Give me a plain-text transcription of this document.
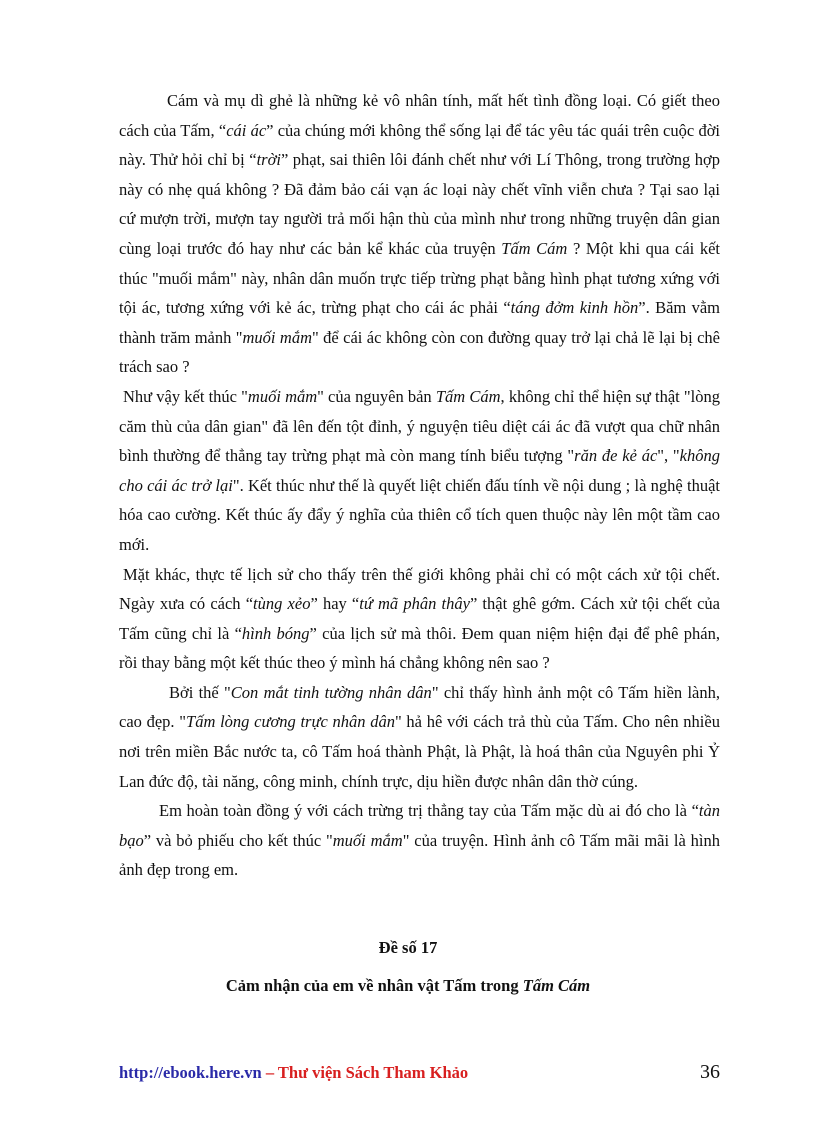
Cám và mụ dì ghẻ là những kẻ vô nhân tính, mất hết tình đồng loại. Có giết theo cách của Tấm, “cái ác” của chúng mới không thể sống lại để tác yêu tác quái trên cuộc đời này. Thử hỏi chỉ bị “trời” phạt, sai thiên lôi đánh chết như với Lí Thông, trong trường hợp này có nhẹ quá không ? Đã đảm bảo cái vạn ác loại này chết vĩnh viễn chưa ? Tại sao lại cứ mượn trời, mượn tay người trả mối hận thù của mình như trong những truyện dân gian cùng loại trước đó hay như các bản kể khác của truyện Tấm Cám ? Một khi qua cái kết thúc "muối mắm" này, nhân dân muốn trực tiếp trừng phạt bằng hình phạt tương xứng với tội ác, tương xứng với kẻ ác, trừng phạt cho cái ác phải “táng đởm kinh hồn”. Băm vằm thành trăm mảnh "muối mắm" để cái ác không còn con đường quay trở lại chả lẽ lại bị chê trách sao ?

Như vậy kết thúc "muối mắm" của nguyên bản Tấm Cám, không chỉ thể hiện sự thật "lòng căm thù của dân gian" đã lên đến tột đỉnh, ý nguyện tiêu diệt cái ác đã vượt qua chữ nhân bình thường để thẳng tay trừng phạt mà còn mang tính biểu tượng "răn đe kẻ ác", "không cho cái ác trở lại". Kết thúc như thế là quyết liệt chiến đấu tính về nội dung ; là nghệ thuật hóa cao cường. Kết thúc ấy đẩy ý nghĩa của thiên cổ tích quen thuộc này lên một tầm cao mới.

Mặt khác, thực tế lịch sử cho thấy trên thế giới không phải chỉ có một cách xử tội chết. Ngày xưa có cách “tùng xẻo” hay “tứ mã phân thây” thật ghê gớm. Cách xử tội chết của Tấm cũng chỉ là “hình bóng” của lịch sử mà thôi. Đem quan niệm hiện đại để phê phán, rồi thay bằng một kết thúc theo ý mình há chẳng không nên sao ?

Bởi thế "Con mắt tinh tường nhân dân" chỉ thấy hình ảnh một cô Tấm hiền lành, cao đẹp. "Tấm lòng cương trực nhân dân" hả hê với cách trả thù của Tấm. Cho nên nhiều nơi trên miền Bắc nước ta, cô Tấm hoá thành Phật, là Phật, là hoá thân của Nguyên phi Ỷ Lan đức độ, tài năng, công minh, chính trực, dịu hiền được nhân dân thờ cúng.

Em hoàn toàn đồng ý với cách trừng trị thẳng tay của Tấm mặc dù ai đó cho là “tàn bạo” và bỏ phiếu cho kết thúc "muối mắm" của truyện. Hình ảnh cô Tấm mãi mãi là hình ảnh đẹp trong em.

Đề số 17
Cảm nhận của em về nhân vật Tấm trong Tấm Cám
http://ebook.here.vn – Thư viện Sách Tham Khảo	36
